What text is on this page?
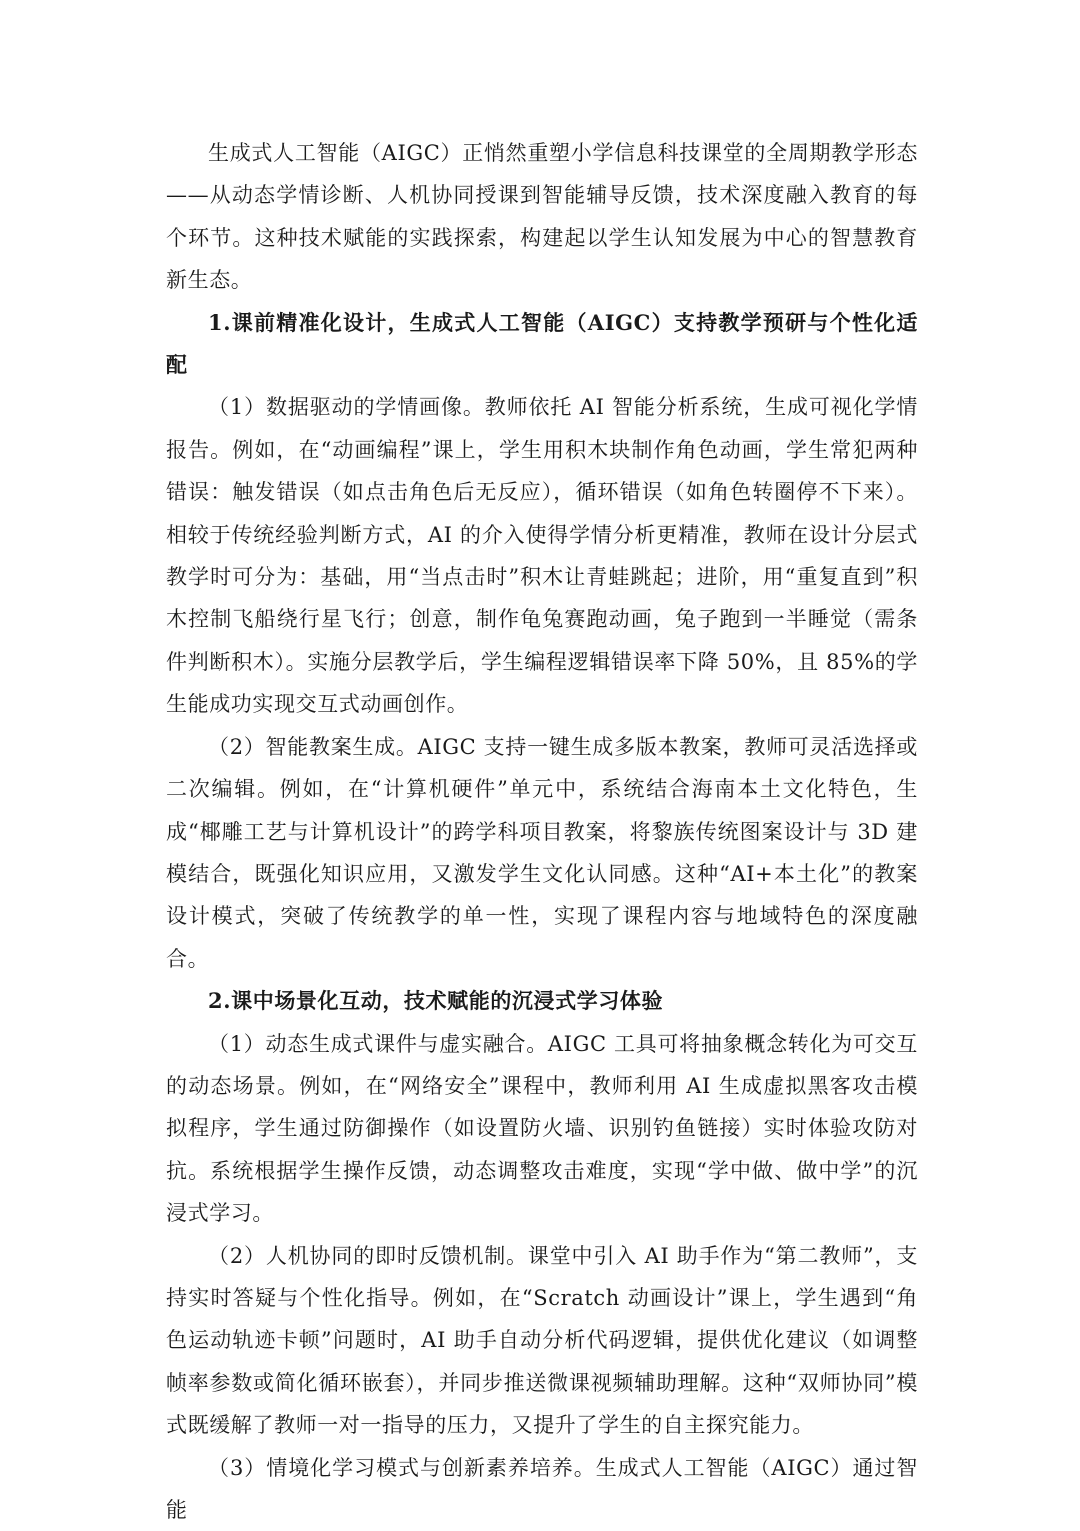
生成式人工智能（AIGC）正悄然重塑小学信息科技课堂的全周期教学形态——从动态学情诊断、人机协同授课到智能辅导反馈，技术深度融入教育的每个环节。这种技术赋能的实践探索，构建起以学生认知发展为中心的智慧教育新生态。

1.课前精准化设计，生成式人工智能（AIGC）支持教学预研与个性化适配

（1）数据驱动的学情画像。教师依托 AI 智能分析系统，生成可视化学情报告。例如，在“动画编程”课上，学生用积木块制作角色动画，学生常犯两种错误：触发错误（如点击角色后无反应），循环错误（如角色转圈停不下来）。相较于传统经验判断方式，AI 的介入使得学情分析更精准，教师在设计分层式教学时可分为：基础，用“当点击时”积木让青蛙跳起；进阶，用“重复直到”积木控制飞船绕行星飞行；创意，制作龟兔赛跑动画，兔子跑到一半睡觉（需条件判断积木）。实施分层教学后，学生编程逻辑错误率下降 50%，且 85%的学生能成功实现交互式动画创作。

（2）智能教案生成。AIGC 支持一键生成多版本教案，教师可灵活选择或二次编辑。例如，在“计算机硬件”单元中，系统结合海南本土文化特色，生成“椰雕工艺与计算机设计”的跨学科项目教案，将黎族传统图案设计与 3D 建模结合，既强化知识应用，又激发学生文化认同感。这种“AI+本土化”的教案设计模式，突破了传统教学的单一性，实现了课程内容与地域特色的深度融合。

2.课中场景化互动，技术赋能的沉浸式学习体验

（1）动态生成式课件与虚实融合。AIGC 工具可将抽象概念转化为可交互的动态场景。例如，在“网络安全”课程中，教师利用 AI 生成虚拟黑客攻击模拟程序，学生通过防御操作（如设置防火墙、识别钓鱼链接）实时体验攻防对抗。系统根据学生操作反馈，动态调整攻击难度，实现“学中做、做中学”的沉浸式学习。

（2）人机协同的即时反馈机制。课堂中引入 AI 助手作为“第二教师”，支持实时答疑与个性化指导。例如，在“Scratch 动画设计”课上，学生遇到“角色运动轨迹卡顿”问题时，AI 助手自动分析代码逻辑，提供优化建议（如调整帧率参数或简化循环嵌套），并同步推送微课视频辅助理解。这种“双师协同”模式既缓解了教师一对一指导的压力，又提升了学生的自主探究能力。

（3）情境化学习模式与创新素养培养。生成式人工智能（AIGC）通过智能
